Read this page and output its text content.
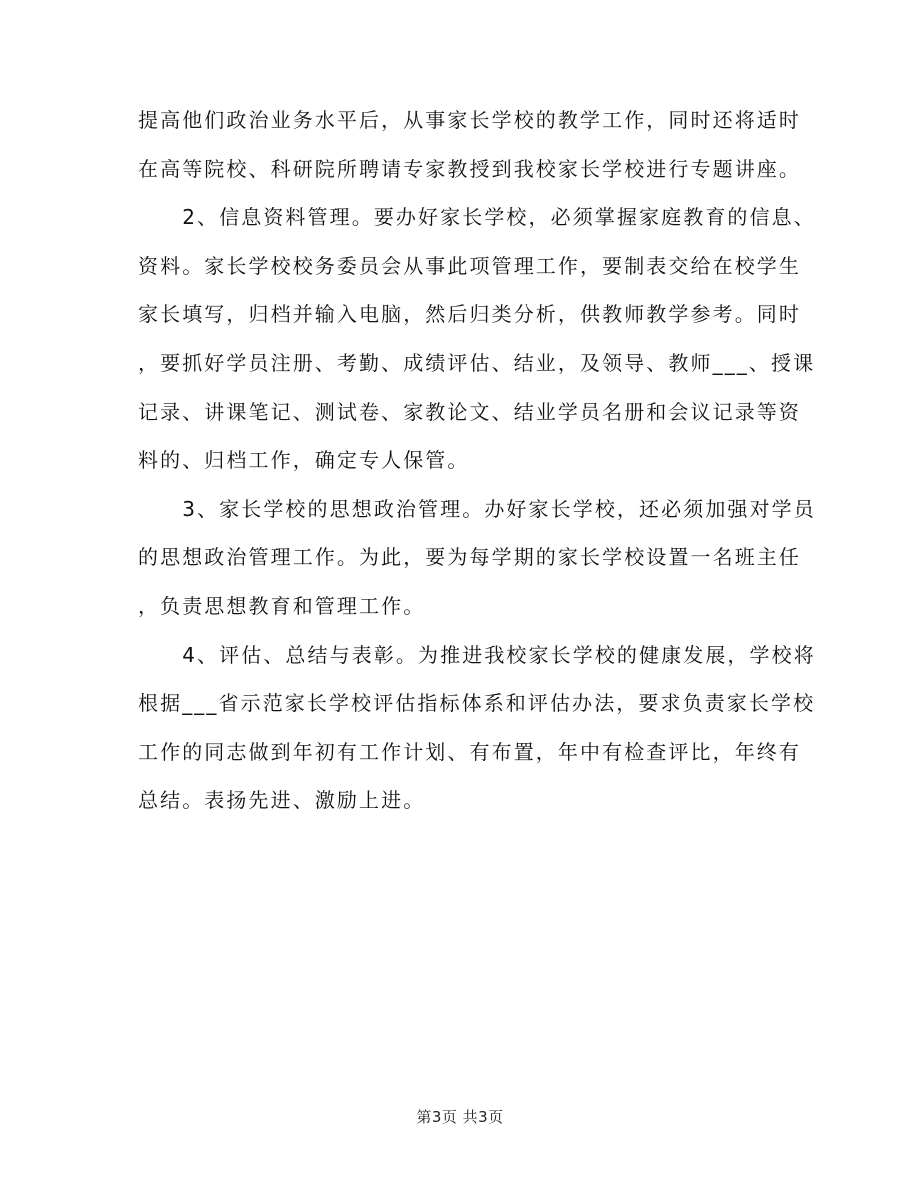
提高他们政治业务水平后，从事家长学校的教学工作，同时还将适时
在高等院校、科研院所聘请专家教授到我校家长学校进行专题讲座。
　　2、信息资料管理。要办好家长学校，必须掌握家庭教育的信息、
资料。家长学校校务委员会从事此项管理工作，要制表交给在校学生
家长填写，归档并输入电脑，然后归类分析，供教师教学参考。同时
，要抓好学员注册、考勤、成绩评估、结业，及领导、教师___、授课
记录、讲课笔记、测试卷、家教论文、结业学员名册和会议记录等资
料的、归档工作，确定专人保管。
　　3、家长学校的思想政治管理。办好家长学校，还必须加强对学员
的思想政治管理工作。为此，要为每学期的家长学校设置一名班主任
，负责思想教育和管理工作。
　　4、评估、总结与表彰。为推进我校家长学校的健康发展，学校将
根据___省示范家长学校评估指标体系和评估办法，要求负责家长学校
工作的同志做到年初有工作计划、有布置，年中有检查评比，年终有
总结。表扬先进、激励上进。
第3页 共3页
